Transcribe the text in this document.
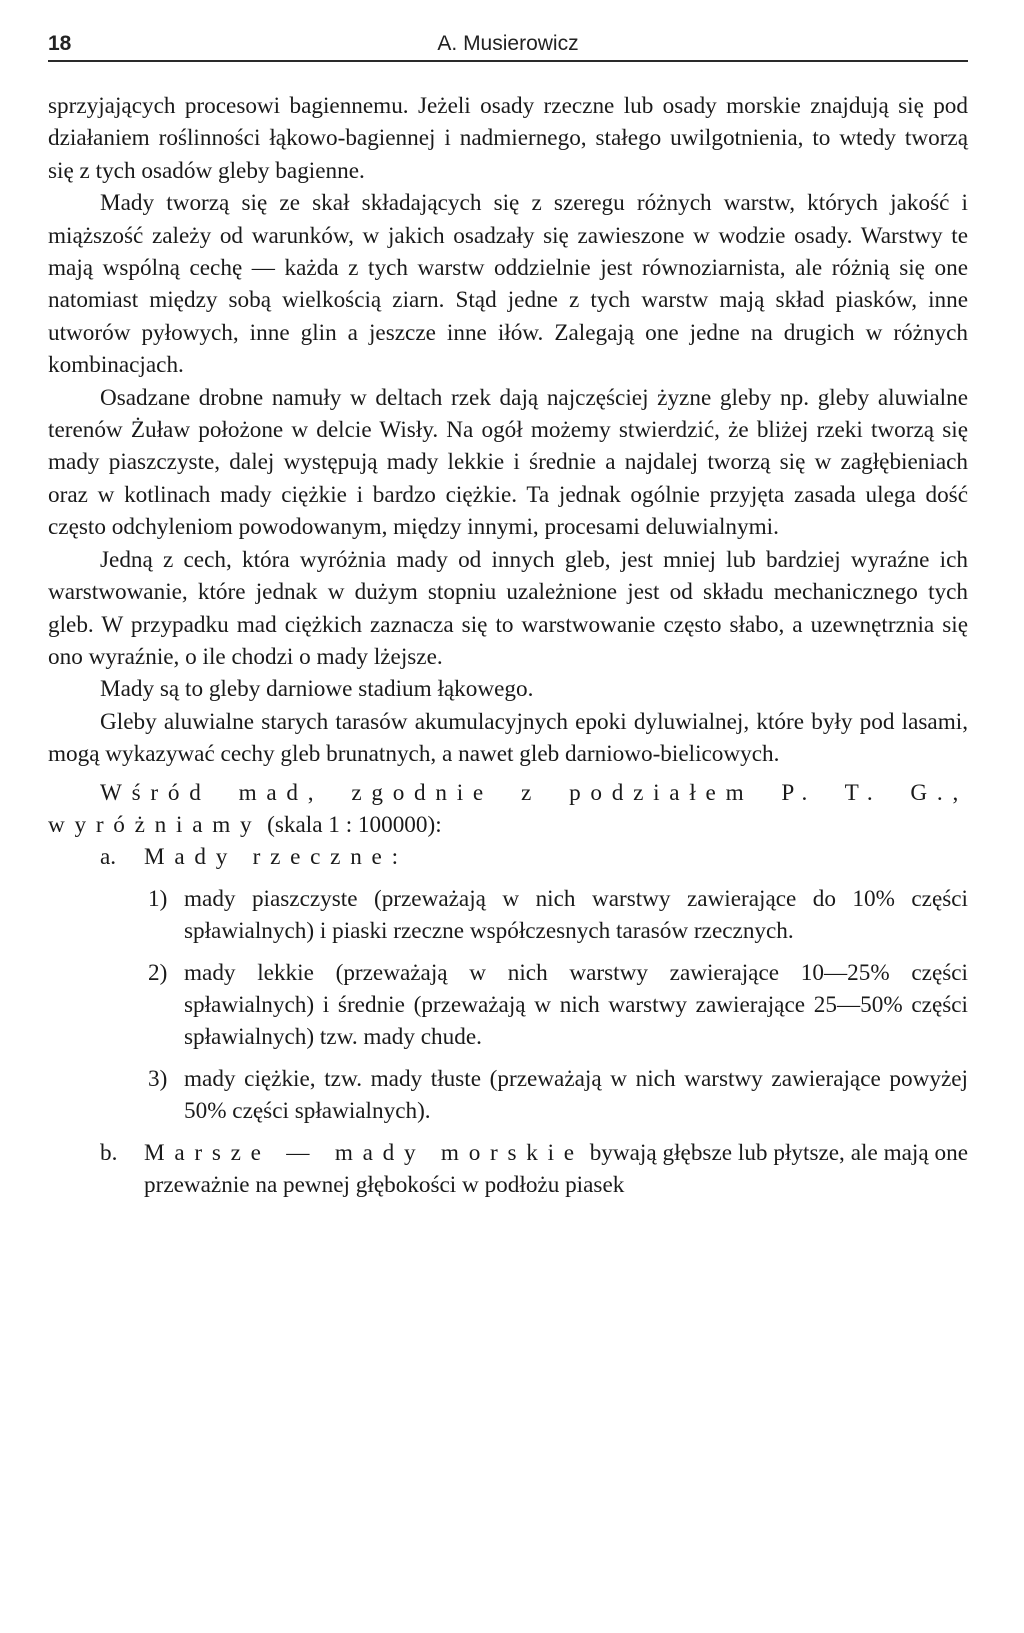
18	A. Musierowicz

sprzyjających procesowi bagiennemu. Jeżeli osady rzeczne lub osady morskie znajdują się pod działaniem roślinności łąkowo-bagiennej i nadmiernego, stałego uwilgotnienia, to wtedy tworzą się z tych osadów gleby bagienne.

Mady tworzą się ze skał składających się z szeregu różnych warstw, których jakość i miąższość zależy od warunków, w jakich osadzały się zawieszone w wodzie osady. Warstwy te mają wspólną cechę — każda z tych warstw oddzielnie jest równoziarnista, ale różnią się one natomiast między sobą wielkością ziarn. Stąd jedne z tych warstw mają skład piasków, inne utworów pyłowych, inne glin a jeszcze inne iłów. Zalegają one jedne na drugich w różnych kombinacjach.

Osadzane drobne namuły w deltach rzek dają najczęściej żyzne gleby np. gleby aluwialne terenów Żuław położone w delcie Wisły. Na ogół możemy stwierdzić, że bliżej rzeki tworzą się mady piaszczyste, dalej występują mady lekkie i średnie a najdalej tworzą się w zagłębieniach oraz w kotlinach mady ciężkie i bardzo ciężkie. Ta jednak ogólnie przyjęta zasada ulega dość często odchyleniom powodowanym, między innymi, procesami deluwialnymi.

Jedną z cech, która wyróżnia mady od innych gleb, jest mniej lub bardziej wyraźne ich warstwowanie, które jednak w dużym stopniu uzależnione jest od składu mechanicznego tych gleb. W przypadku mad ciężkich zaznacza się to warstwowanie często słabo, a uzewnętrznia się ono wyraźnie, o ile chodzi o mady lżejsze.

Mady są to gleby darniowe stadium łąkowego.

Gleby aluwialne starych tarasów akumulacyjnych epoki dyluwialnej, które były pod lasami, mogą wykazywać cechy gleb brunatnych, a nawet gleb darniowo-bielicowych.

Wśród mad, zgodnie z podziałem P. T. G., wyróżniamy (skala 1 : 100000):

a. Mady rzeczne:
1) mady piaszczyste (przeważają w nich warstwy zawierające do 10% części spławialnych) i piaski rzeczne współczesnych tarasów rzecznych.
2) mady lekkie (przeważają w nich warstwy zawierające 10—25% części spławialnych) i średnie (przeważają w nich warstwy zawierające 25—50% części spławialnych) tzw. mady chude.
3) mady ciężkie, tzw. mady tłuste (przeważają w nich warstwy zawierające powyżej 50% części spławialnych).
b. Marsze — mady morskie bywają głębsze lub płytsze, ale mają one przeważnie na pewnej głębokości w podłożu piasek
